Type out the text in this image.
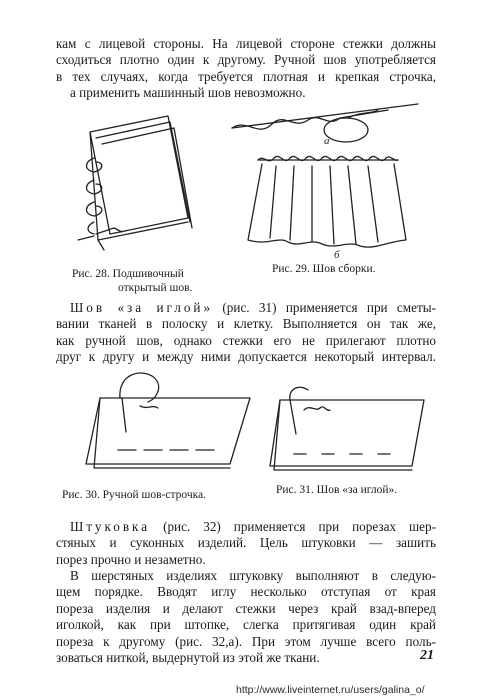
кам с лицевой стороны. На лицевой стороне стежки должны
сходиться плотно один к другому. Ручной шов употребляется
в тех случаях, когда требуется плотная и крепкая строчка,
а применить машинный шов невозможно.
Рис. 28. Подшивочный
открытый шов.
а
б
Рис. 29. Шов сборки.
Шов «за иглой» (рис. 31) применяется при сметы-
вании тканей в полоску и клетку. Выполняется он так же,
как ручной шов, однако стежки его не прилегают плотно
друг к другу и между ними допускается некоторый интервал.
Рис. 30. Ручной шов-строчка.	Рис. 31. Шов «за иглой».
Штуковка (рис. 32) применяется при порезах шер-
стяных и суконных изделий. Цель штуковки — зашить
порез прочно и незаметно.
В шерстяных изделиях штуковку выполняют в следую-
щем порядке. Вводят иглу несколько отступая от края
пореза изделия и делают стежки через край взад-вперед
иголкой, как при штопке, слегка притягивая один край
пореза к другому (рис. 32,а). При этом лучше всего поль-
зоваться ниткой, выдернутой из этой же ткани.	21
http://www.liveinternet.ru/users/galina_o/
